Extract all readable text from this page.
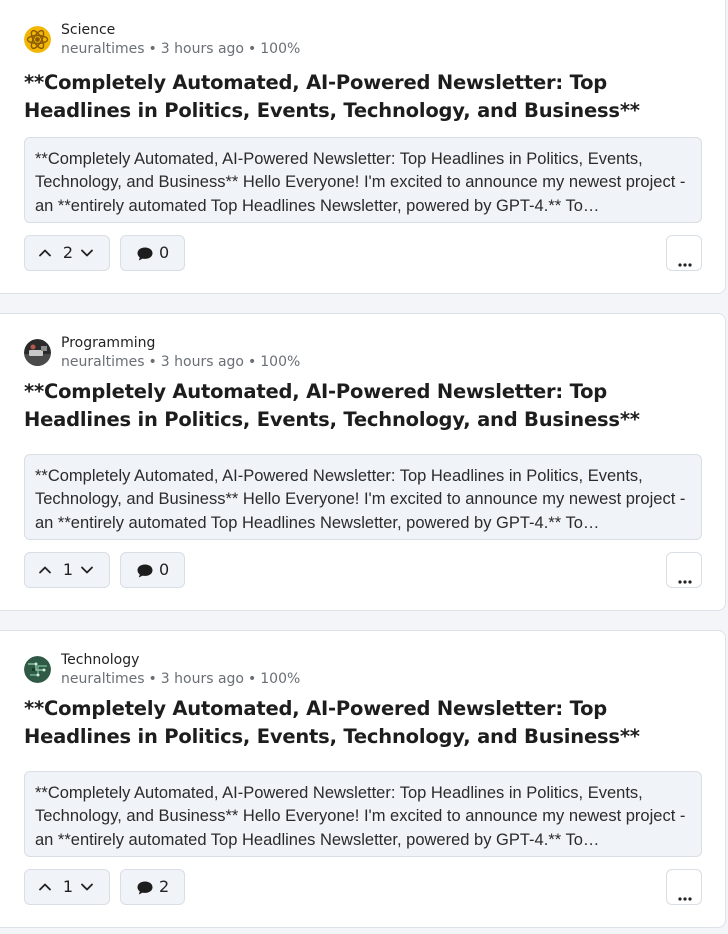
Science
neuraltimes • 3 hours ago • 100%
**Completely Automated, AI-Powered Newsletter: Top Headlines in Politics, Events, Technology, and Business**
**Completely Automated, AI-Powered Newsletter: Top Headlines in Politics, Events, Technology, and Business** Hello Everyone! I'm excited to announce my newest project - an **entirely automated Top Headlines Newsletter, powered by GPT-4.** To…
2	0
Programming
neuraltimes • 3 hours ago • 100%
**Completely Automated, AI-Powered Newsletter: Top Headlines in Politics, Events, Technology, and Business**
**Completely Automated, AI-Powered Newsletter: Top Headlines in Politics, Events, Technology, and Business** Hello Everyone! I'm excited to announce my newest project - an **entirely automated Top Headlines Newsletter, powered by GPT-4.** To…
1	0
Technology
neuraltimes • 3 hours ago • 100%
**Completely Automated, AI-Powered Newsletter: Top Headlines in Politics, Events, Technology, and Business**
**Completely Automated, AI-Powered Newsletter: Top Headlines in Politics, Events, Technology, and Business** Hello Everyone! I'm excited to announce my newest project - an **entirely automated Top Headlines Newsletter, powered by GPT-4.** To…
1	2
